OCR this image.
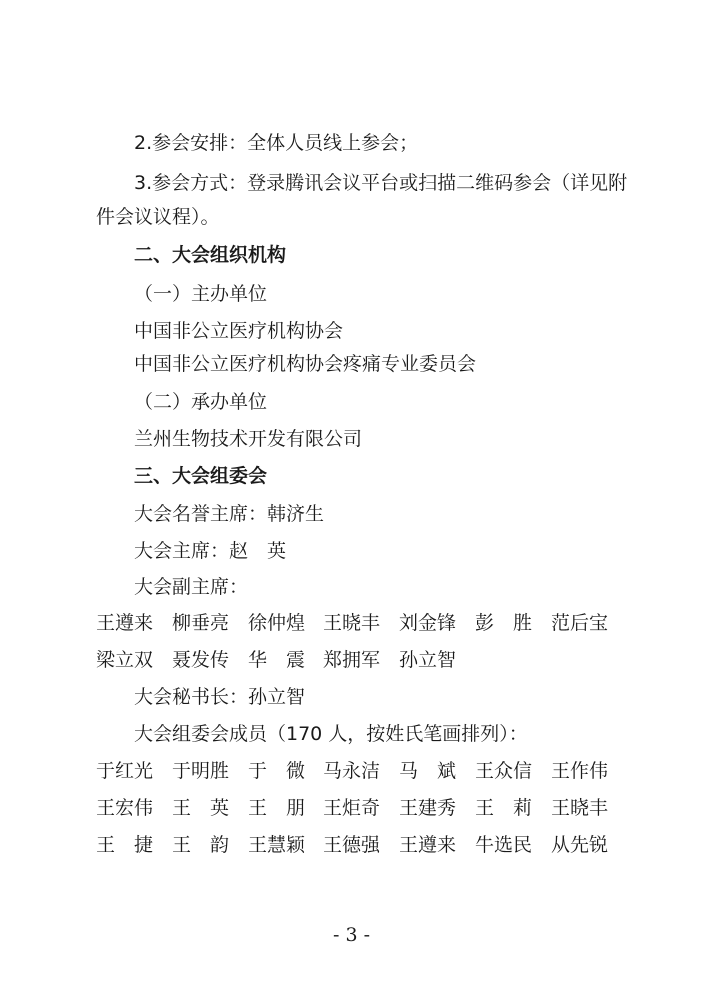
2.参会安排：全体人员线上参会；
3.参会方式：登录腾讯会议平台或扫描二维码参会（详见附
件会议议程）。
二、大会组织机构
（一）主办单位
中国非公立医疗机构协会
中国非公立医疗机构协会疼痛专业委员会
（二）承办单位
兰州生物技术开发有限公司
三、大会组委会
大会名誉主席：韩济生
大会主席：赵　英
大会副主席：
王遵来 柳垂亮 徐仲煌 王晓丰 刘金锋 彭　胜 范后宝
梁立双 聂发传 华　震 郑拥军 孙立智
大会秘书长：孙立智
大会组委会成员（170 人，按姓氏笔画排列）：
于红光 于明胜 于　微 马永洁 马　斌 王众信 王作伟
王宏伟 王　英 王　朋 王炬奇 王建秀 王　莉 王晓丰
王　捷 王　韵 王慧颖 王德强 王遵来 牛选民 从先锐
- 3 -
